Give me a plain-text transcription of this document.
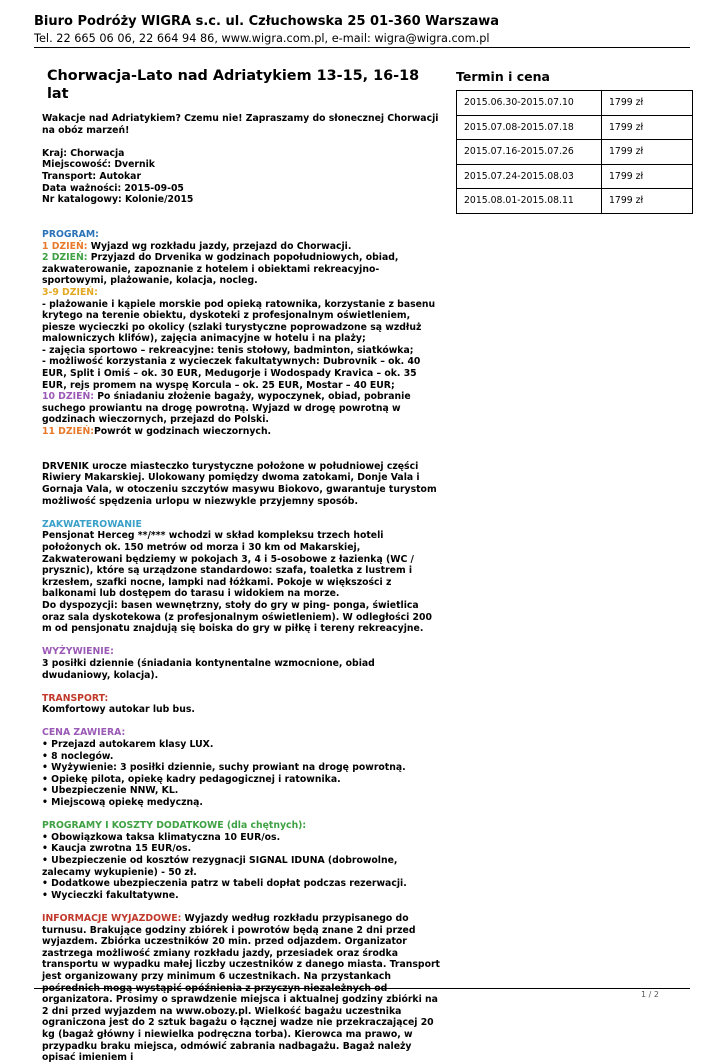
Biuro Podróży WIGRA s.c. ul. Człuchowska 25 01-360 Warszawa
Tel. 22 665 06 06, 22 664 94 86, www.wigra.com.pl, e-mail: wigra@wigra.com.pl
Chorwacja-Lato nad Adriatykiem 13-15, 16-18 lat

Wakacje nad Adriatykiem? Czemu nie! Zapraszamy do słonecznej Chorwacji na obóz marzeń!

Kraj: Chorwacja

Miejscowość: Dvernik

Transport: Autokar

Data ważności: 2015-09-05

Nr katalogowy: Kolonie/2015

PROGRAM:

1 DZIEŃ: Wyjazd wg rozkładu jazdy, przejazd do Chorwacji.

2 DZIEŃ: Przyjazd do Drvenika w godzinach popołudniowych, obiad, zakwaterowanie, zapoznanie z hotelem i obiektami rekreacyjno-sportowymi, plażowanie, kolacja, nocleg.

3-9 DZIEŃ:

- plażowanie i kąpiele morskie pod opieką ratownika, korzystanie z basenu krytego na terenie obiektu, dyskoteki z profesjonalnym oświetleniem, piesze wycieczki po okolicy (szlaki turystyczne poprowadzone są wzdłuż malowniczych klifów), zajęcia animacyjne w hotelu i na plaży;

- zajęcia sportowo – rekreacyjne: tenis stołowy, badminton, siatkówka;

- możliwość korzystania z wycieczek fakultatywnych: Dubrovnik – ok. 40 EUR, Split i Omiś – ok. 30 EUR, Medugorje i Wodospady Kravica – ok. 35 EUR, rejs promem na wyspę Korcula – ok. 25 EUR, Mostar – 40 EUR;

10 DZIEŃ: Po śniadaniu złożenie bagaży, wypoczynek, obiad, pobranie suchego prowiantu na drogę powrotną. Wyjazd w drogę powrotną w godzinach wieczornych, przejazd do Polski.

11 DZIEŃ:Powrót w godzinach wieczornych.

DRVENIK urocze miasteczko turystyczne położone w południowej części Riwiery Makarskiej. Ulokowany pomiędzy dwoma zatokami, Donje Vala i Gornaja Vala, w otoczeniu szczytów masywu Biokovo, gwarantuje turystom możliwość spędzenia urlopu w niezwykle przyjemny sposób.

ZAKWATEROWANIE

Pensjonat Herceg **/*** wchodzi w skład kompleksu trzech hoteli położonych ok. 150 metrów od morza i 30 km od Makarskiej,

Zakwaterowani będziemy w pokojach 3, 4 i 5-osobowe z łazienką (WC / prysznic), które są urządzone standardowo: szafa, toaletka z lustrem i krzesłem, szafki nocne, lampki nad łóżkami. Pokoje w większości z balkonami lub dostępem do tarasu i widokiem na morze.

Do dyspozycji: basen wewnętrzny, stoły do gry w ping- ponga, świetlica oraz sala dyskotekowa (z profesjonalnym oświetleniem). W odległości 200 m od pensjonatu znajdują się boiska do gry w piłkę i tereny rekreacyjne.

WYŻYWIENIE:

3 posiłki dziennie (śniadania kontynentalne wzmocnione, obiad dwudaniowy, kolacja).

TRANSPORT:

Komfortowy autokar lub bus.

CENA ZAWIERA:

• Przejazd autokarem klasy LUX.

• 8 noclegów.

• Wyżywienie: 3 posiłki dziennie, suchy prowiant na drogę powrotną.

• Opiekę pilota, opiekę kadry pedagogicznej i ratownika.

• Ubezpieczenie NNW, KL.

• Miejscową opiekę medyczną.

PROGRAMY I KOSZTY DODATKOWE (dla chętnych):

• Obowiązkowa taksa klimatyczna 10 EUR/os.

• Kaucja zwrotna 15 EUR/os.

• Ubezpieczenie od kosztów rezygnacji SIGNAL IDUNA (dobrowolne, zalecamy wykupienie) - 50 zł.

• Dodatkowe ubezpieczenia patrz w tabeli dopłat podczas rezerwacji.

• Wycieczki fakultatywne.

INFORMACJE WYJAZDOWE: Wyjazdy według rozkładu przypisanego do turnusu. Brakujące godziny zbiórek i powrotów będą znane 2 dni przed wyjazdem. Zbiórka uczestników 20 min. przed odjazdem. Organizator zastrzega możliwość zmiany rozkładu jazdy, przesiadek oraz środka transportu w wypadku małej liczby uczestników z danego miasta. Transport jest organizowany przy minimum 6 uczestnikach. Na przystankach pośrednich mogą wystąpić opóźnienia z przyczyn niezależnych od organizatora. Prosimy o sprawdzenie miejsca i aktualnej godziny zbiórki na 2 dni przed wyjazdem na www.obozy.pl. Wielkość bagażu uczestnika ograniczona jest do 2 sztuk bagażu o łącznej wadze nie przekraczającej 20 kg (bagaż główny i niewielka podręczna torba). Kierowca ma prawo, w przypadku braku miejsca, odmówić zabrania nadbagażu. Bagaż należy opisać imieniem i

Termin i cena
2015.06.30-2015.07.10	1799 zł
2015.07.08-2015.07.18	1799 zł
2015.07.16-2015.07.26	1799 zł
2015.07.24-2015.08.03	1799 zł
2015.08.01-2015.08.11	1799 zł
1 / 2
